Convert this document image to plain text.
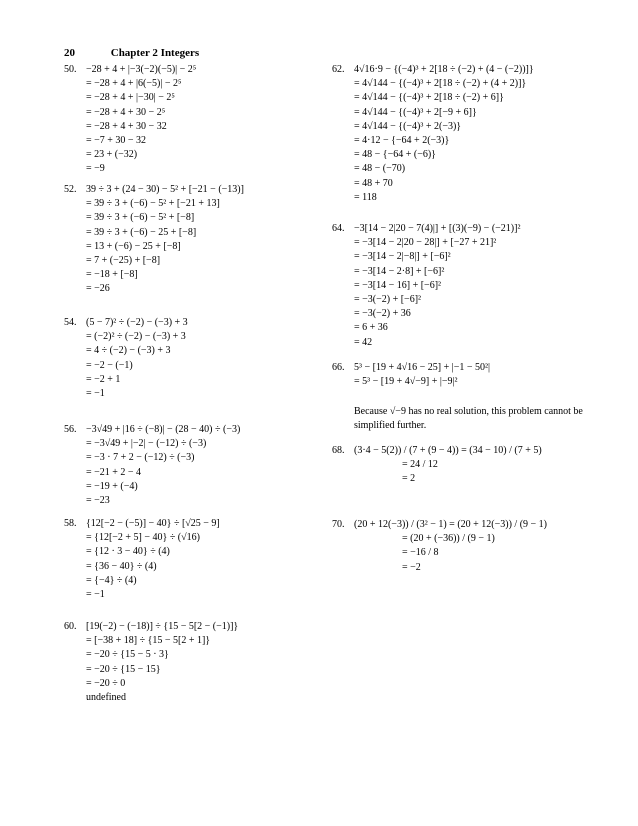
20	Chapter 2 Integers
50. −28 + 4 + |−3(−2)(−5)| − 2⁵
= −28 + 4 + |6(−5)| − 2⁵
= −28 + 4 + |−30| − 2⁵
= −28 + 4 + 30 − 2⁵
= −28 + 4 + 30 − 32
= −7 + 30 − 32
= 23 + (−32)
= −9
52. 39 ÷ 3 + (24 − 30) − 5² + [−21 − (−13)]
= 39 ÷ 3 + (−6) − 5² + [−21 + 13]
= 39 ÷ 3 + (−6) − 5² + [−8]
= 39 ÷ 3 + (−6) − 25 + [−8]
= 13 + (−6) − 25 + [−8]
= 7 + (−25) + [−8]
= −18 + [−8]
= −26
54. (5 − 7)² ÷ (−2) − (−3) + 3
= (−2)² ÷ (−2) − (−3) + 3
= 4 ÷ (−2) − (−3) + 3
= −2 − (−1)
= −2 + 1
= −1
56. −3√49 + |16 ÷ (−8)| − (28 − 40) ÷ (−3)
= −3√49 + |−2| − (−12) ÷ (−3)
= −3 · 7 + 2 − (−12) ÷ (−3)
= −21 + 2 − 4
= −19 + (−4)
= −23
58. {12[−2 − (−5)] − 40} ÷ [√25 − 9]
= {12[−2 + 5] − 40} ÷ (√16)
= {12 · 3 − 40} ÷ (4)
= {36 − 40} ÷ (4)
= {−4} ÷ (4)
= −1
60. [19(−2) − (−18)] ÷ {15 − 5[2 − (−1)]}
= [−38 + 18] ÷ {15 − 5[2 + 1]}
= −20 ÷ {15 − 5 · 3}
= −20 ÷ {15 − 15}
= −20 ÷ 0
undefined
62. 4√16·9 − {(−4)³ + 2[18 ÷ (−2) + (4 − (−2))]}
= 4√144 − {(−4)³ + 2[18 ÷ (−2) + (4 + 2)]}
= 4√144 − {(−4)³ + 2[18 ÷ (−2) + 6]}
= 4√144 − {(−4)³ + 2[−9 + 6]}
= 4√144 − {(−4)³ + 2(−3)}
= 4·12 − {−64 + 2(−3)}
= 48 − {−64 + (−6)}
= 48 − (−70)
= 48 + 70
= 118
64. −3[14 − 2|20 − 7(4)|] + [(3)(−9) − (−21)]²
= −3[14 − 2|20 − 28|] + [−27 + 21]²
= −3[14 − 2|−8|] + [−6]²
= −3[14 − 2·8] + [−6]²
= −3[14 − 16] + [−6]²
= −3(−2) + [−6]²
= −3(−2) + 36
= 6 + 36
= 42
66. 5³ − [19 + 4√16 − 25] + |−1 − 50²|
= 5³ − [19 + 4√−9] + |−9|²
Because √−9 has no real solution, this problem cannot be simplified further.
68. (3·4 − 5(2)) / (7 + (9 − 4)) = (34 − 10) / (7 + 5)
= 24 / 12
= 2
70. (20 + 12(−3)) / (3² − 1) = (20 + 12(−3)) / (9 − 1)
= (20 + (−36)) / (9 − 1)
= −16 / 8
= −2
